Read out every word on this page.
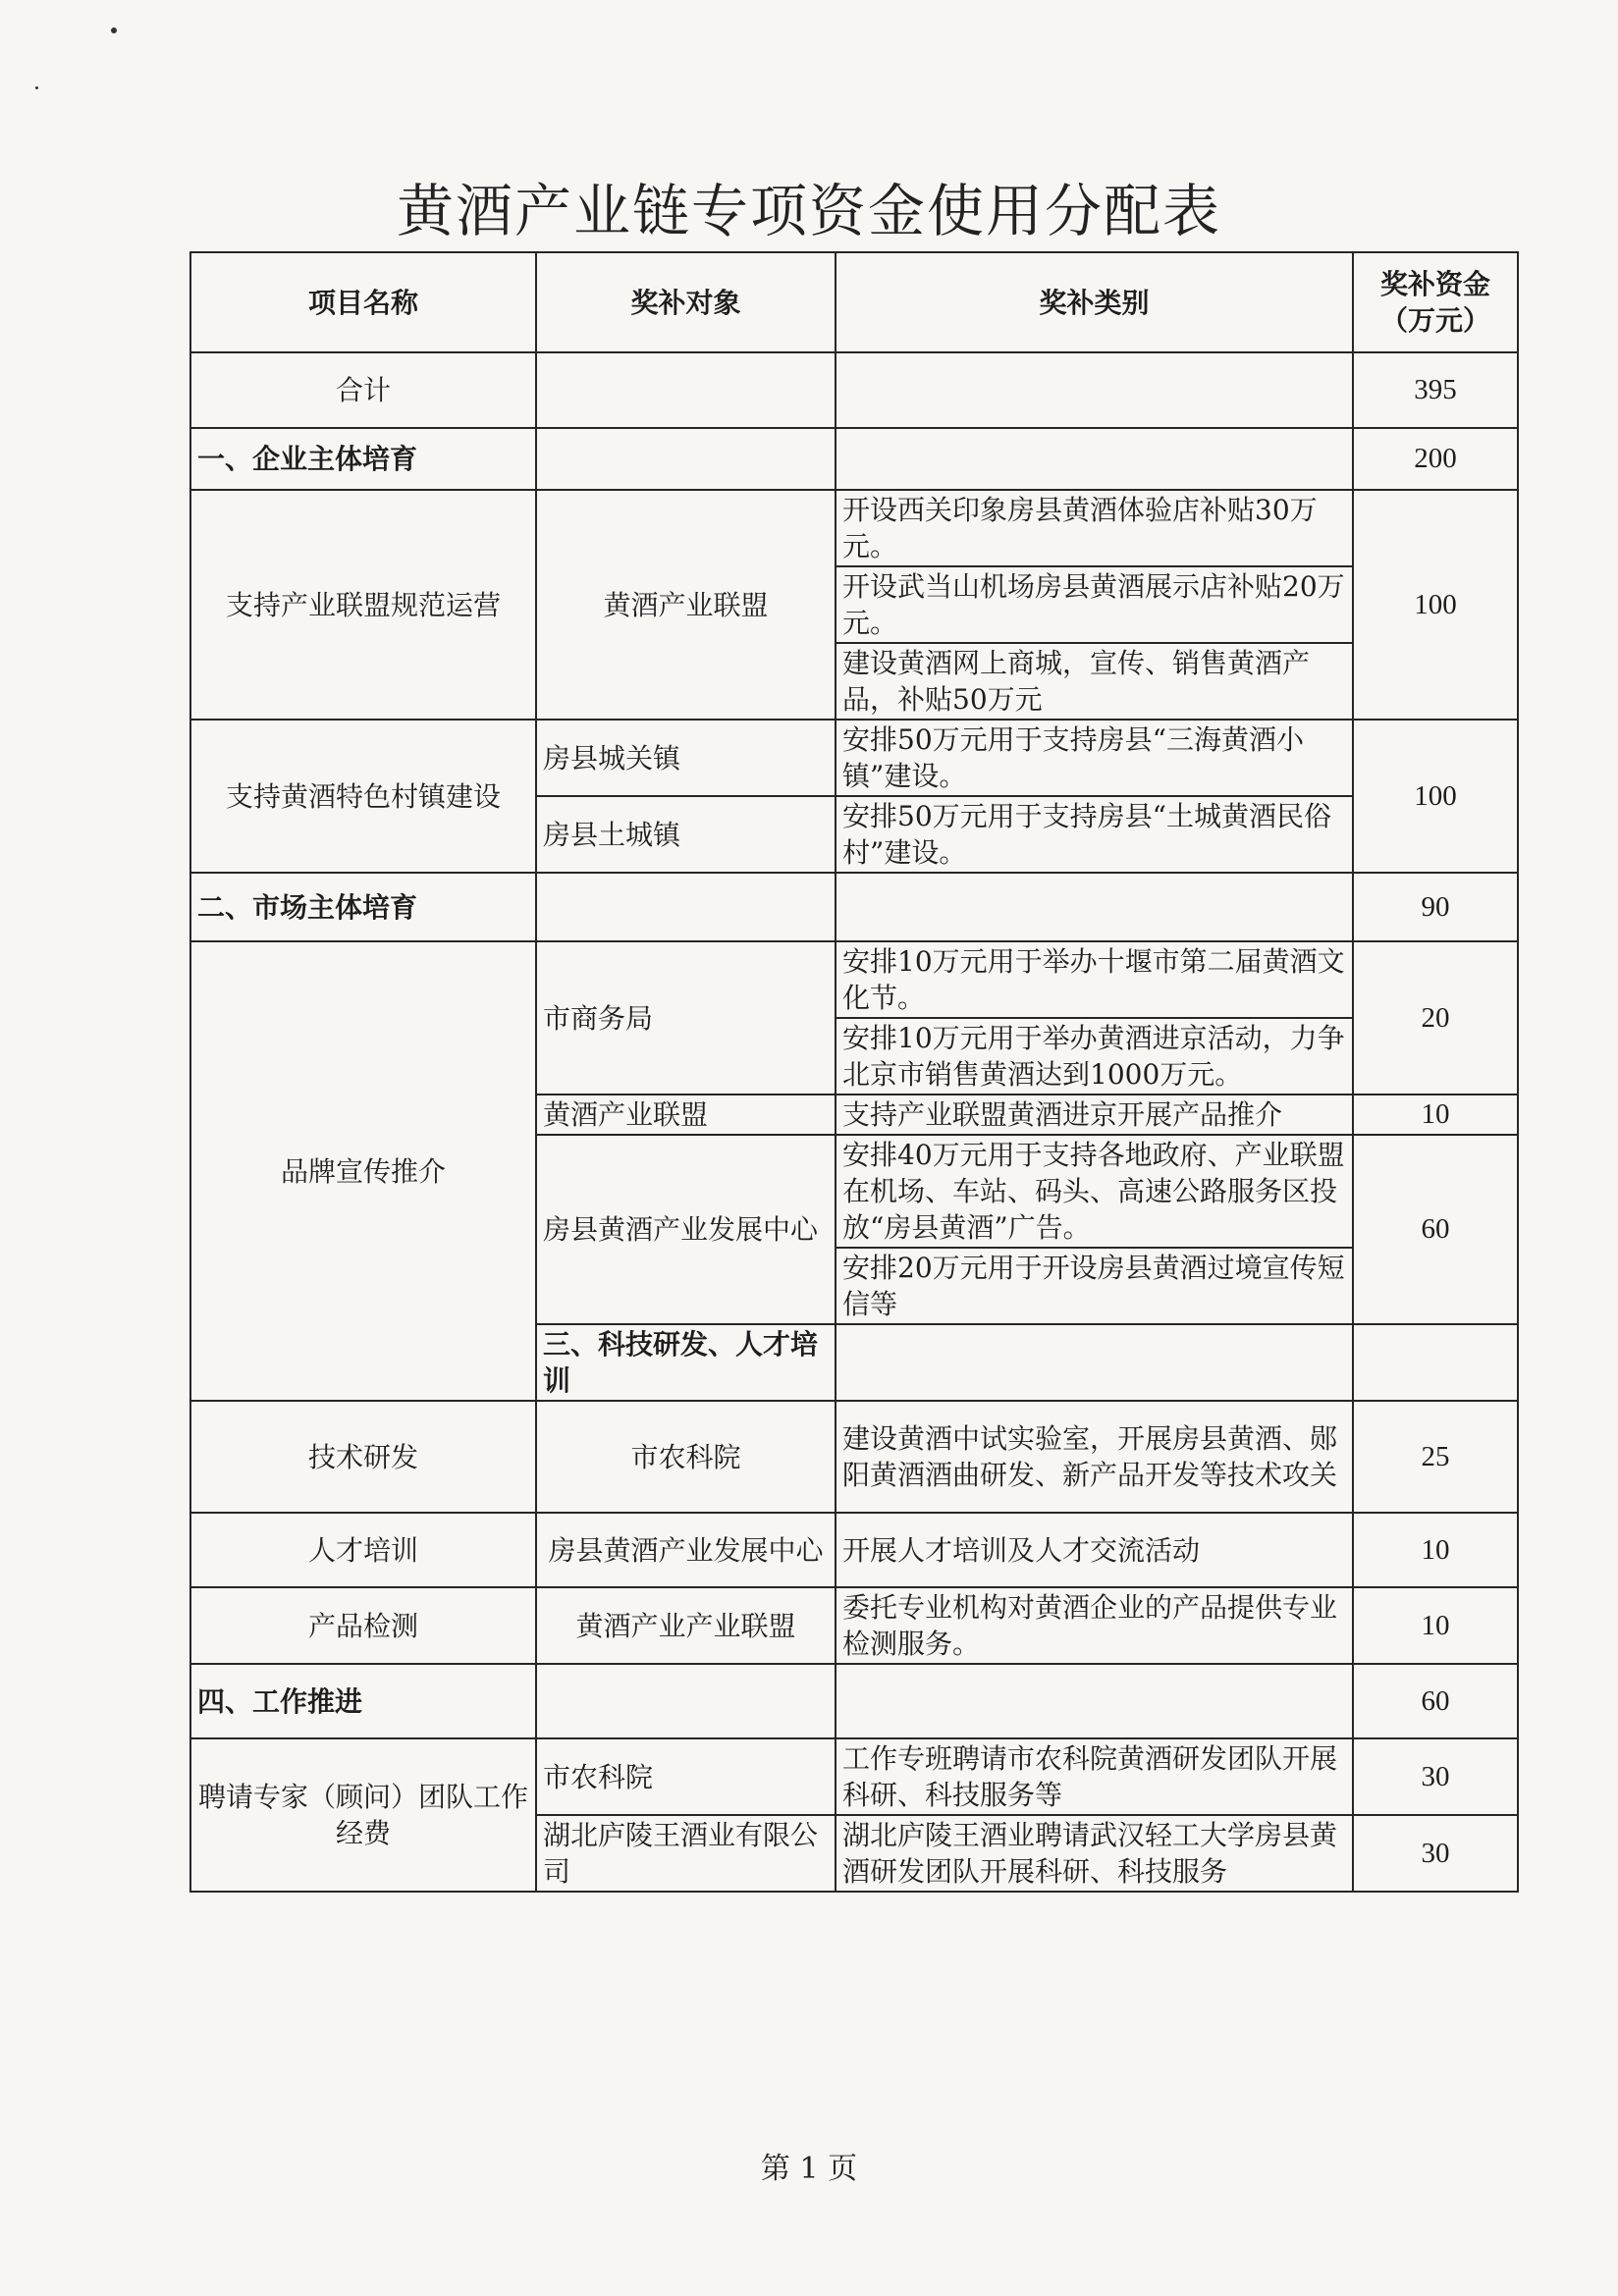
黄酒产业链专项资金使用分配表
项目名称	奖补对象	奖补类别	奖补资金（万元）	
合计			395	
一、企业主体培育			200	
支持产业联盟规范运营	黄酒产业联盟	开设西关印象房县黄酒体验店补贴30万元。	100	
		开设武当山机场房县黄酒展示店补贴20万元。		
		建设黄酒网上商城，宣传、销售黄酒产品，补贴50万元		
支持黄酒特色村镇建设	房县城关镇	安排50万元用于支持房县“三海黄酒小镇”建设。	100	
	房县土城镇	安排50万元用于支持房县“土城黄酒民俗村”建设。		
二、市场主体培育			90	
品牌宣传推介	市商务局	安排10万元用于举办十堰市第二届黄酒文化节。	20	
		安排10万元用于举办黄酒进京活动，力争北京市销售黄酒达到1000万元。		
	黄酒产业联盟	支持产业联盟黄酒进京开展产品推介	10	
	房县黄酒产业发展中心	安排40万元用于支持各地政府、产业联盟在机场、车站、码头、高速公路服务区投放“房县黄酒”广告。	60	
		安排20万元用于开设房县黄酒过境宣传短信等		
	三、科技研发、人才培训			
技术研发	市农科院	建设黄酒中试实验室，开展房县黄酒、郧阳黄酒酒曲研发、新产品开发等技术攻关	25	
人才培训	房县黄酒产业发展中心	开展人才培训及人才交流活动	10	
产品检测	黄酒产业产业联盟	委托专业机构对黄酒企业的产品提供专业检测服务。	10	
四、工作推进			60	
聘请专家（顾问）团队工作经费	市农科院	工作专班聘请市农科院黄酒研发团队开展科研、科技服务等	30	
	湖北庐陵王酒业有限公司	湖北庐陵王酒业聘请武汉轻工大学房县黄酒研发团队开展科研、科技服务	30	
第 1 页
